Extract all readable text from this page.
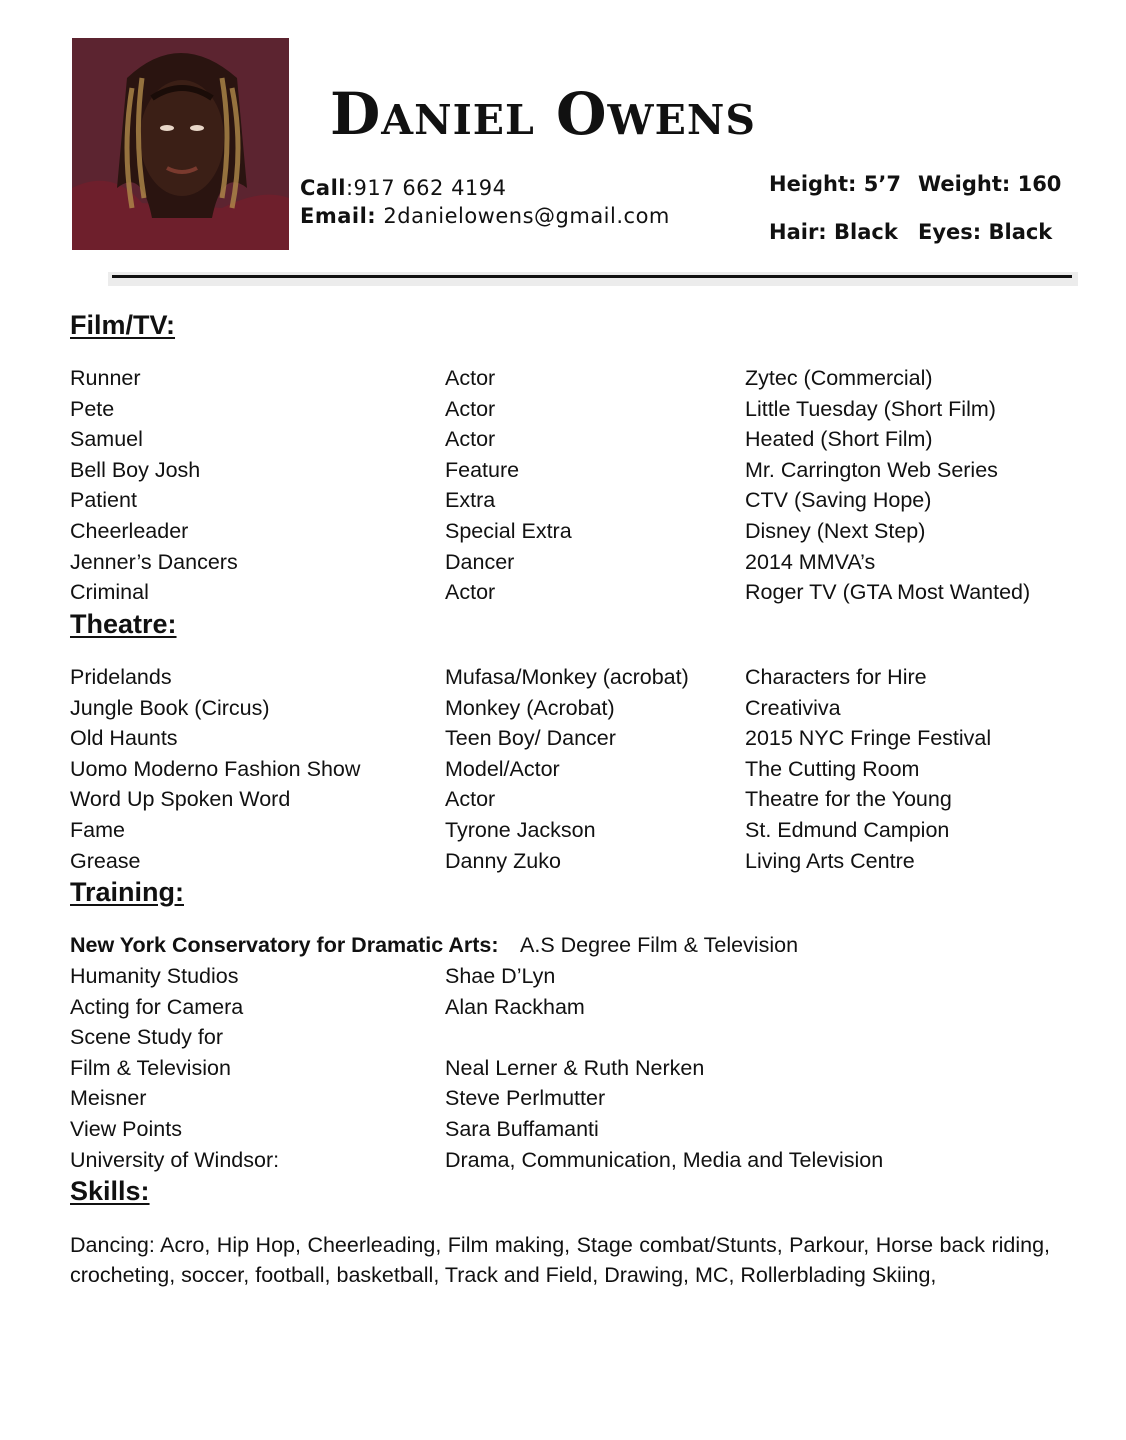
Daniel Owens
Call:917 662 4194
Email: 2danielowens@gmail.com
Height: 5’7 Weight: 160
Hair: Black Eyes: Black
Film/TV:
Runner	Actor	Zytec (Commercial)
Pete	Actor	Little Tuesday (Short Film)
Samuel	Actor	Heated (Short Film)
Bell Boy Josh	Feature	Mr. Carrington Web Series
Patient	Extra	CTV (Saving Hope)
Cheerleader	Special Extra	Disney (Next Step)
Jenner’s Dancers	Dancer	2014 MMVA’s
Criminal	Actor	Roger TV (GTA Most Wanted)
Theatre:
Pridelands	Mufasa/Monkey (acrobat)	Characters for Hire
Jungle Book (Circus)	Monkey (Acrobat)	Creativiva
Old Haunts	Teen Boy/ Dancer	2015 NYC Fringe Festival
Uomo Moderno Fashion Show	Model/Actor	The Cutting Room
Word Up Spoken Word	Actor	Theatre for the Young
Fame	Tyrone Jackson	St. Edmund Campion
Grease	Danny Zuko	Living Arts Centre
Training:
New York Conservatory for Dramatic Arts: A.S Degree Film & Television
Humanity Studios	Shae D’Lyn
Acting for Camera	Alan Rackham
Scene Study for
Film & Television	Neal Lerner & Ruth Nerken
Meisner	Steve Perlmutter
View Points	Sara Buffamanti
University of Windsor:	Drama, Communication, Media and Television
Skills:
Dancing: Acro, Hip Hop, Cheerleading, Film making, Stage combat/Stunts, Parkour, Horse back riding, crocheting, soccer, football, basketball, Track and Field, Drawing, MC, Rollerblading Skiing,
